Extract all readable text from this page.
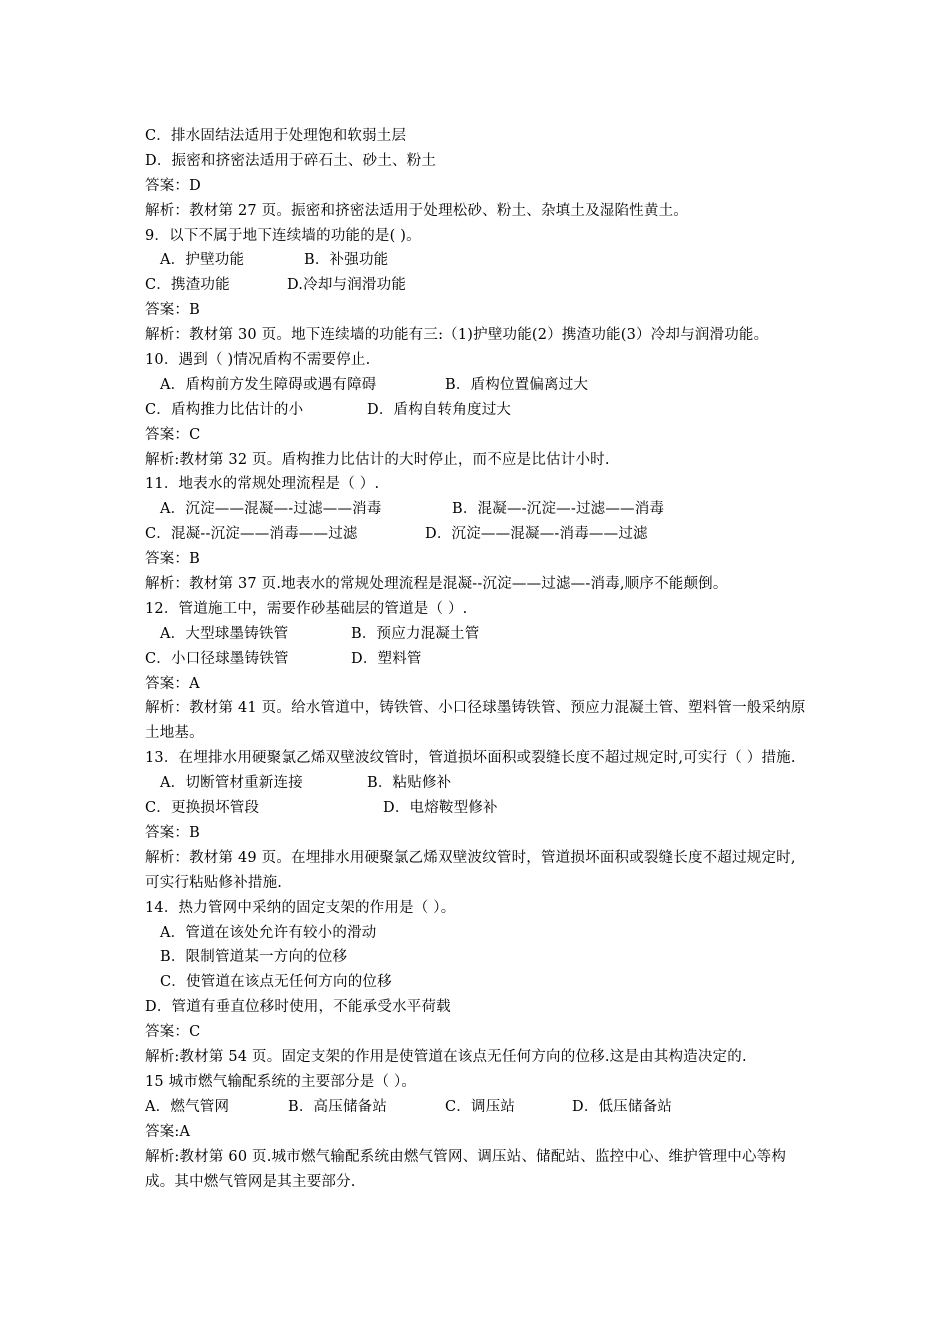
C．排水固结法适用于处理饱和软弱土层
D．振密和挤密法适用于碎石土、砂土、粉土
答案：D
解析：教材第 27 页。振密和挤密法适用于处理松砂、粉土、杂填土及湿陷性黄土。
9．以下不属于地下连续墙的功能的是( )。
A．护壁功能	B．补强功能
C．携渣功能	D.冷却与润滑功能
答案：B
解析：教材第 30 页。地下连续墙的功能有三:（1)护壁功能(2）携渣功能(3）冷却与润滑功能。
10．遇到（ )情况盾构不需要停止.
A．盾构前方发生障碍或遇有障碍	B．盾构位置偏离过大
C．盾构推力比估计的小	D．盾构自转角度过大
答案：C
解析:教材第 32 页。盾构推力比估计的大时停止，而不应是比估计小时.
11．地表水的常规处理流程是（ ）.
A．沉淀——混凝—-过滤——消毒	B．混凝—-沉淀—-过滤——消毒
C．混凝--沉淀——消毒——过滤	D．沉淀——混凝—-消毒——过滤
答案：B
解析：教材第 37 页.地表水的常规处理流程是混凝--沉淀——过滤—-消毒,顺序不能颠倒。
12．管道施工中，需要作砂基础层的管道是（ ）.
A．大型球墨铸铁管	B．预应力混凝土管
C．小口径球墨铸铁管	D．塑料管
答案：A
解析：教材第 41 页。给水管道中，铸铁管、小口径球墨铸铁管、预应力混凝土管、塑料管一般采纳原土地基。
13．在埋排水用硬聚氯乙烯双壁波纹管时，管道损坏面积或裂缝长度不超过规定时,可实行（ ）措施.
A．切断管材重新连接	B．粘贴修补
C．更换损坏管段	D．电熔鞍型修补
答案：B
解析：教材第 49 页。在埋排水用硬聚氯乙烯双壁波纹管时，管道损坏面积或裂缝长度不超过规定时,可实行粘贴修补措施.
14．热力管网中采纳的固定支架的作用是（ ）。
A．管道在该处允许有较小的滑动
B．限制管道某一方向的位移
C．使管道在该点无任何方向的位移
D．管道有垂直位移时使用，不能承受水平荷载
答案：C
解析:教材第 54 页。固定支架的作用是使管道在该点无任何方向的位移.这是由其构造决定的.
15 城市燃气输配系统的主要部分是（ ）。
A．燃气管网	B．高压储备站	C．调压站	D．低压储备站
答案:A
解析:教材第 60 页.城市燃气输配系统由燃气管网、调压站、储配站、监控中心、维护管理中心等构成。其中燃气管网是其主要部分.
